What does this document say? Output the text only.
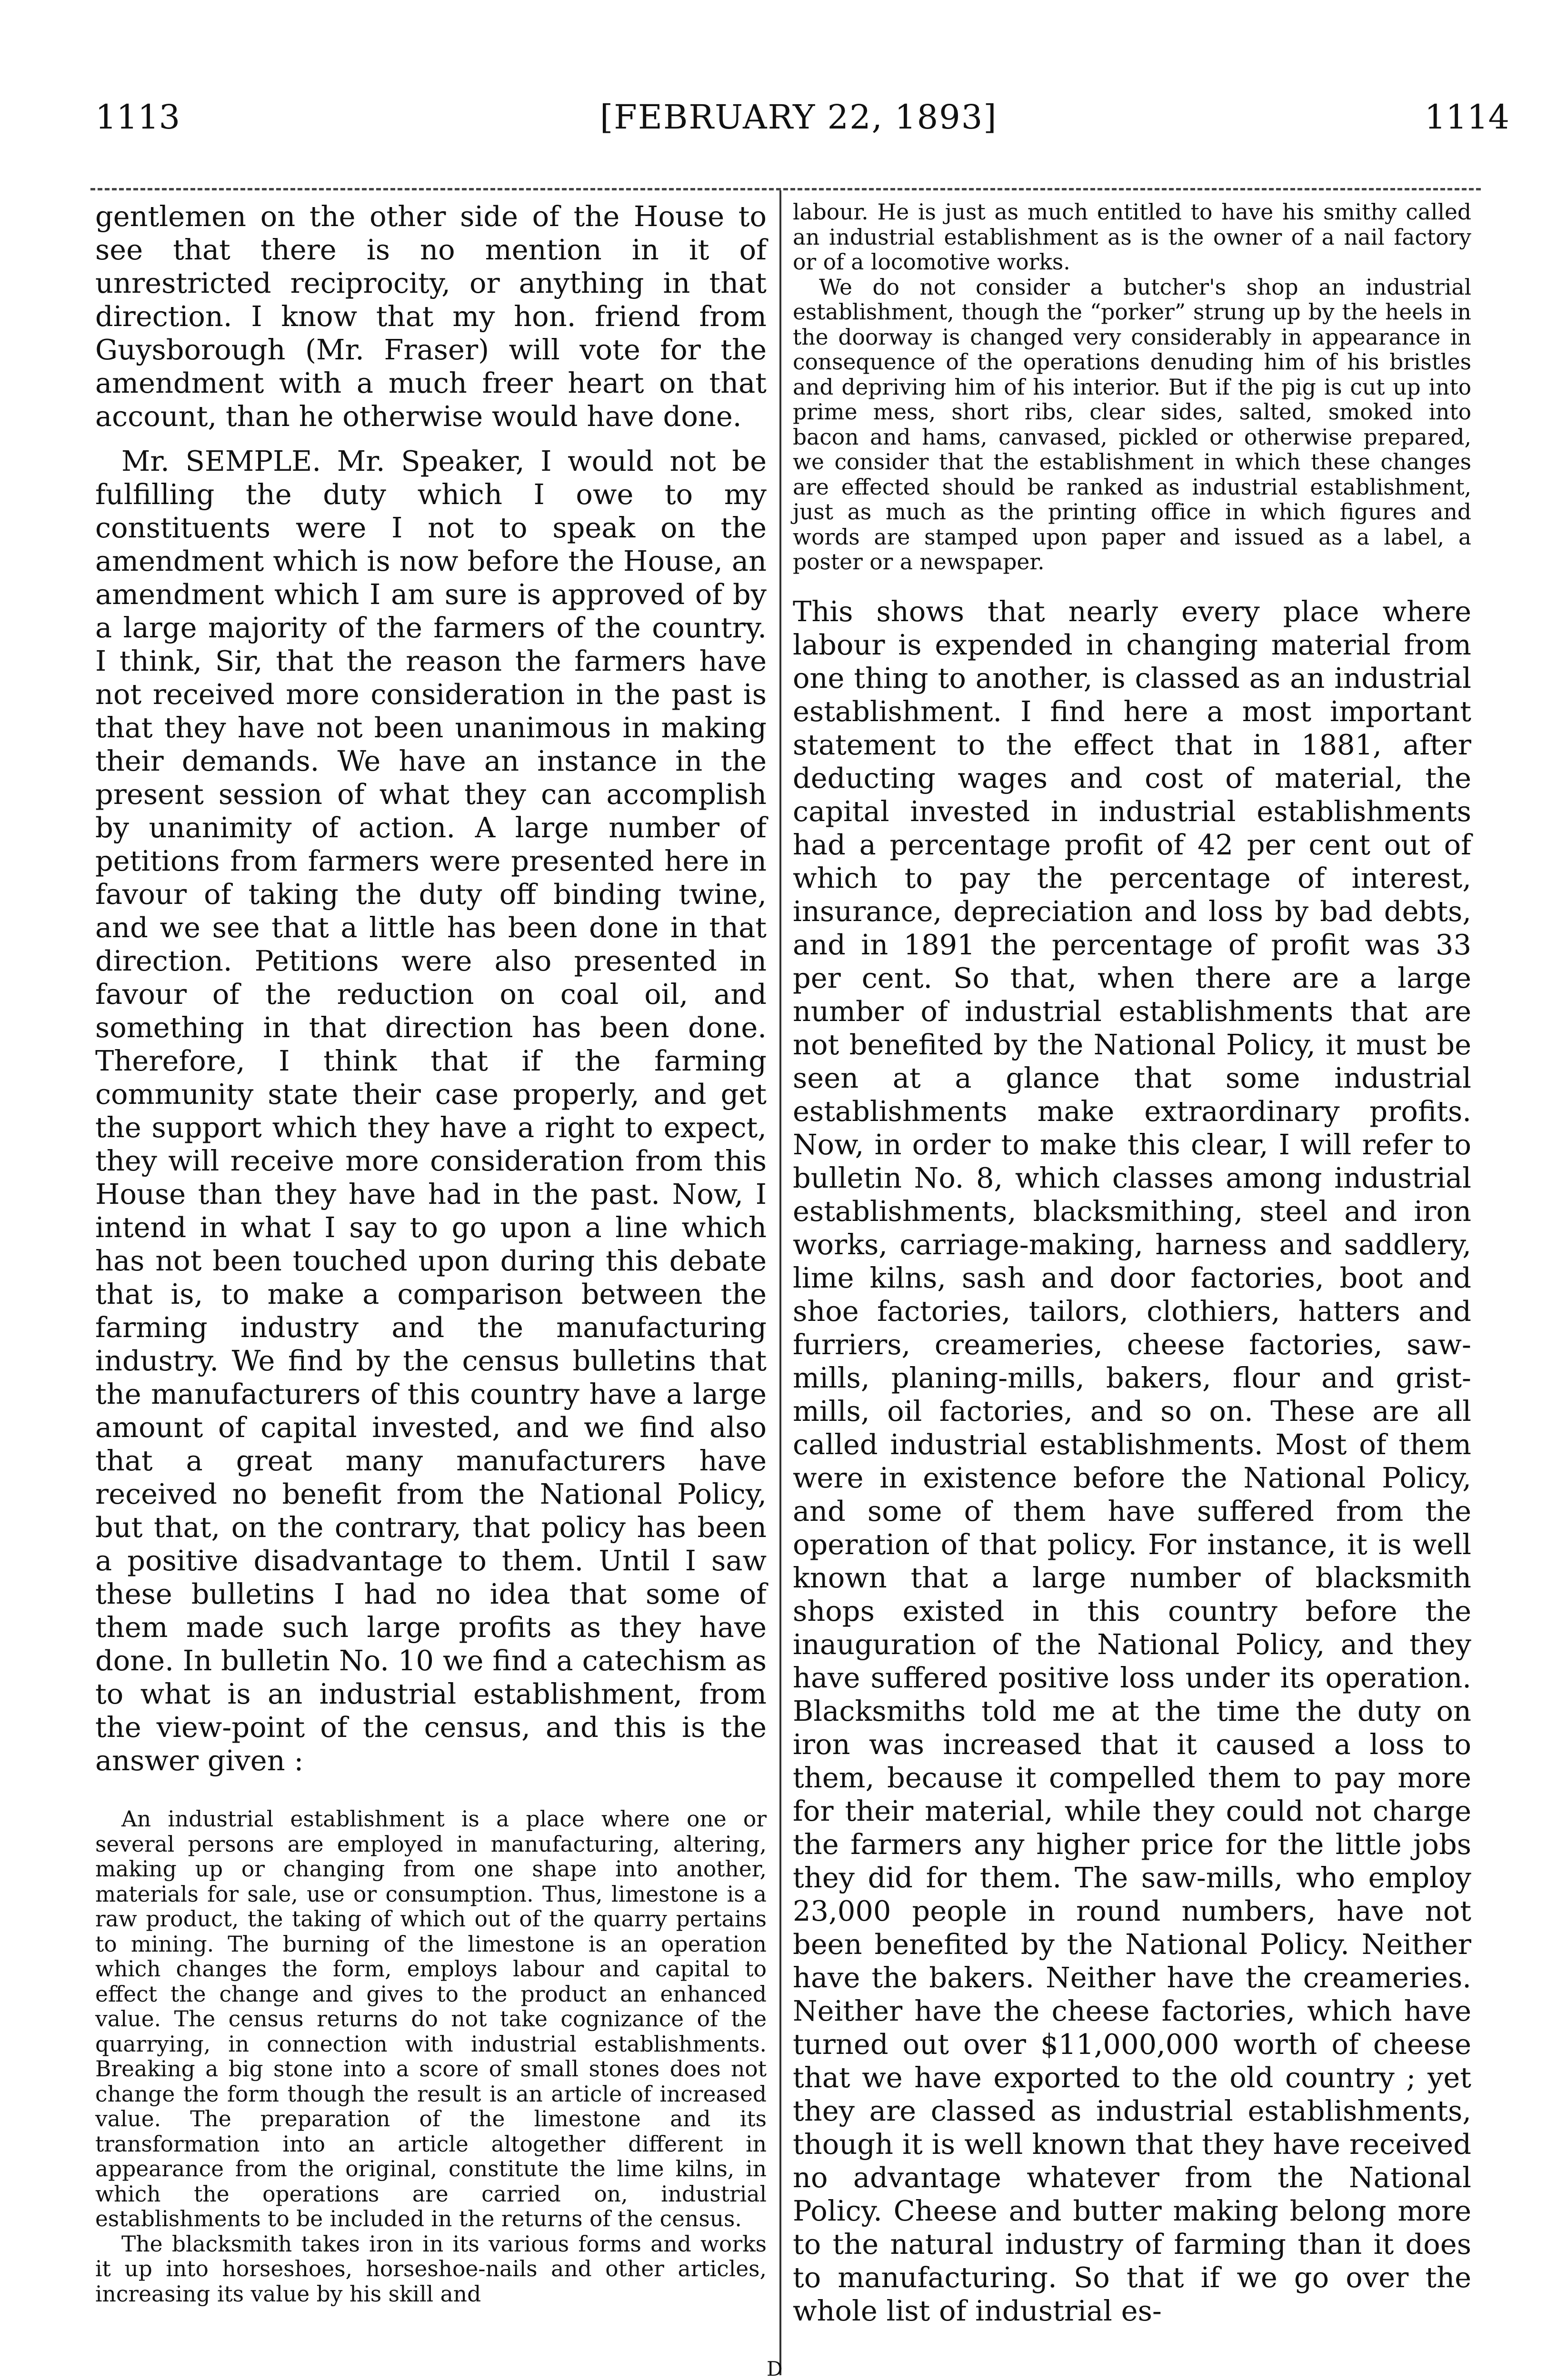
1113	[FEBRUARY 22, 1893]	1114

gentlemen on the other side of the House to see that there is no mention in it of unrestricted reciprocity, or anything in that direction. I know that my hon. friend from Guysborough (Mr. Fraser) will vote for the amendment with a much freer heart on that account, than he otherwise would have done.

Mr. SEMPLE. Mr. Speaker, I would not be fulfilling the duty which I owe to my constituents were I not to speak on the amendment which is now before the House, an amendment which I am sure is approved of by a large majority of the farmers of the country. I think, Sir, that the reason the farmers have not received more consideration in the past is that they have not been unanimous in making their demands. We have an instance in the present session of what they can accomplish by unanimity of action. A large number of petitions from farmers were presented here in favour of taking the duty off binding twine, and we see that a little has been done in that direction. Petitions were also presented in favour of the reduction on coal oil, and something in that direction has been done. Therefore, I think that if the farming community state their case properly, and get the support which they have a right to expect, they will receive more consideration from this House than they have had in the past. Now, I intend in what I say to go upon a line which has not been touched upon during this debate that is, to make a comparison between the farming industry and the manufacturing industry. We find by the census bulletins that the manufacturers of this country have a large amount of capital invested, and we find also that a great many manufacturers have received no benefit from the National Policy, but that, on the contrary, that policy has been a positive disadvantage to them. Until I saw these bulletins I had no idea that some of them made such large profits as they have done. In bulletin No. 10 we find a catechism as to what is an industrial establishment, from the view-point of the census, and this is the answer given :

An industrial establishment is a place where one or several persons are employed in manufacturing, altering, making up or changing from one shape into another, materials for sale, use or consumption. Thus, limestone is a raw product, the taking of which out of the quarry pertains to mining. The burning of the limestone is an operation which changes the form, employs labour and capital to effect the change and gives to the product an enhanced value. The census returns do not take cognizance of the quarrying, in connection with industrial establishments. Breaking a big stone into a score of small stones does not change the form though the result is an article of increased value. The preparation of the limestone and its transformation into an article altogether different in appearance from the original, constitute the lime kilns, in which the operations are carried on, industrial establishments to be included in the returns of the census.

The blacksmith takes iron in its various forms and works it up into horseshoes, horseshoe-nails and other articles, increasing its value by his skill and

labour. He is just as much entitled to have his smithy called an industrial establishment as is the owner of a nail factory or of a locomotive works.

We do not consider a butcher's shop an industrial establishment, though the “porker” strung up by the heels in the doorway is changed very considerably in appearance in consequence of the operations denuding him of his bristles and depriving him of his interior. But if the pig is cut up into prime mess, short ribs, clear sides, salted, smoked into bacon and hams, canvased, pickled or otherwise prepared, we consider that the establishment in which these changes are effected should be ranked as industrial establishment, just as much as the printing office in which figures and words are stamped upon paper and issued as a label, a poster or a newspaper.

This shows that nearly every place where labour is expended in changing material from one thing to another, is classed as an industrial establishment. I find here a most important statement to the effect that in 1881, after deducting wages and cost of material, the capital invested in industrial establishments had a percentage profit of 42 per cent out of which to pay the percentage of interest, insurance, depreciation and loss by bad debts, and in 1891 the percentage of profit was 33 per cent. So that, when there are a large number of industrial establishments that are not benefited by the National Policy, it must be seen at a glance that some industrial establishments make extraordinary profits. Now, in order to make this clear, I will refer to bulletin No. 8, which classes among industrial establishments, blacksmithing, steel and iron works, carriage-making, harness and saddlery, lime kilns, sash and door factories, boot and shoe factories, tailors, clothiers, hatters and furriers, creameries, cheese factories, saw-mills, planing-mills, bakers, flour and grist-mills, oil factories, and so on. These are all called industrial establishments. Most of them were in existence before the National Policy, and some of them have suffered from the operation of that policy. For instance, it is well known that a large number of blacksmith shops existed in this country before the inauguration of the National Policy, and they have suffered positive loss under its operation. Blacksmiths told me at the time the duty on iron was increased that it caused a loss to them, because it compelled them to pay more for their material, while they could not charge the farmers any higher price for the little jobs they did for them. The saw-mills, who employ 23,000 people in round numbers, have not been benefited by the National Policy. Neither have the bakers. Neither have the creameries. Neither have the cheese factories, which have turned out over $11,000,000 worth of cheese that we have exported to the old country ; yet they are classed as industrial establishments, though it is well known that they have received no advantage whatever from the National Policy. Cheese and butter making belong more to the natural industry of farming than it does to manufacturing. So that if we go over the whole list of industrial es-

D
